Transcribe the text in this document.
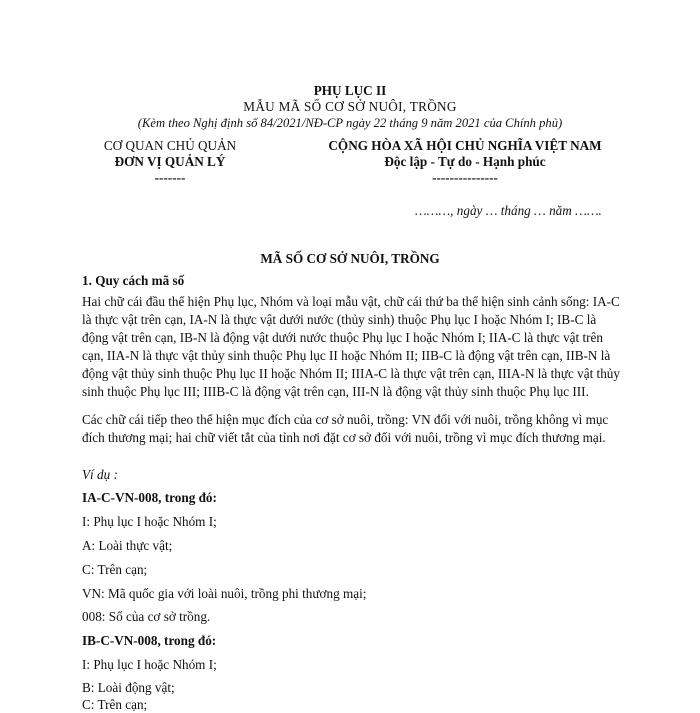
PHỤ LỤC II
MẪU MÃ SỐ CƠ SỞ NUÔI, TRỒNG
(Kèm theo Nghị định số 84/2021/NĐ-CP ngày 22 tháng 9 năm 2021 của Chính phủ)
CƠ QUAN CHỦ QUẢN
ĐƠN VỊ QUẢN LÝ
-------
CỘNG HÒA XÃ HỘI CHỦ NGHĨA VIỆT NAM
Độc lập - Tự do - Hạnh phúc
---------------
………, ngày … tháng … năm …….
MÃ SỐ CƠ SỞ NUÔI, TRỒNG
1. Quy cách mã số
Hai chữ cái đầu thể hiện Phụ lục, Nhóm và loại mẫu vật, chữ cái thứ ba thể hiện sinh cảnh sống: IA-C là thực vật trên cạn, IA-N là thực vật dưới nước (thủy sinh) thuộc Phụ lục I hoặc Nhóm I; IB-C là động vật trên cạn, IB-N là động vật dưới nước thuộc Phụ lục I hoặc Nhóm I; IIA-C là thực vật trên cạn, IIA-N là thực vật thủy sinh thuộc Phụ lục II hoặc Nhóm II; IIB-C là động vật trên cạn, IIB-N là động vật thủy sinh thuộc Phụ lục II hoặc Nhóm II; IIIA-C là thực vật trên cạn, IIIA-N là thực vật thủy sinh thuộc Phụ lục III; IIIB-C là động vật trên cạn, III-N là động vật thủy sinh thuộc Phụ lục III.
Các chữ cái tiếp theo thể hiện mục đích của cơ sở nuôi, trồng: VN đối với nuôi, trồng không vì mục đích thương mại; hai chữ viết tắt của tỉnh nơi đặt cơ sở đối với nuôi, trồng vì mục đích thương mại.
Ví dụ :
IA-C-VN-008, trong đó:
I: Phụ lục I hoặc Nhóm I;
A: Loài thực vật;
C: Trên cạn;
VN: Mã quốc gia với loài nuôi, trồng phi thương mại;
008: Số của cơ sở trồng.
IB-C-VN-008, trong đó:
I: Phụ lục I hoặc Nhóm I;
B: Loài động vật;
C: Trên cạn;
